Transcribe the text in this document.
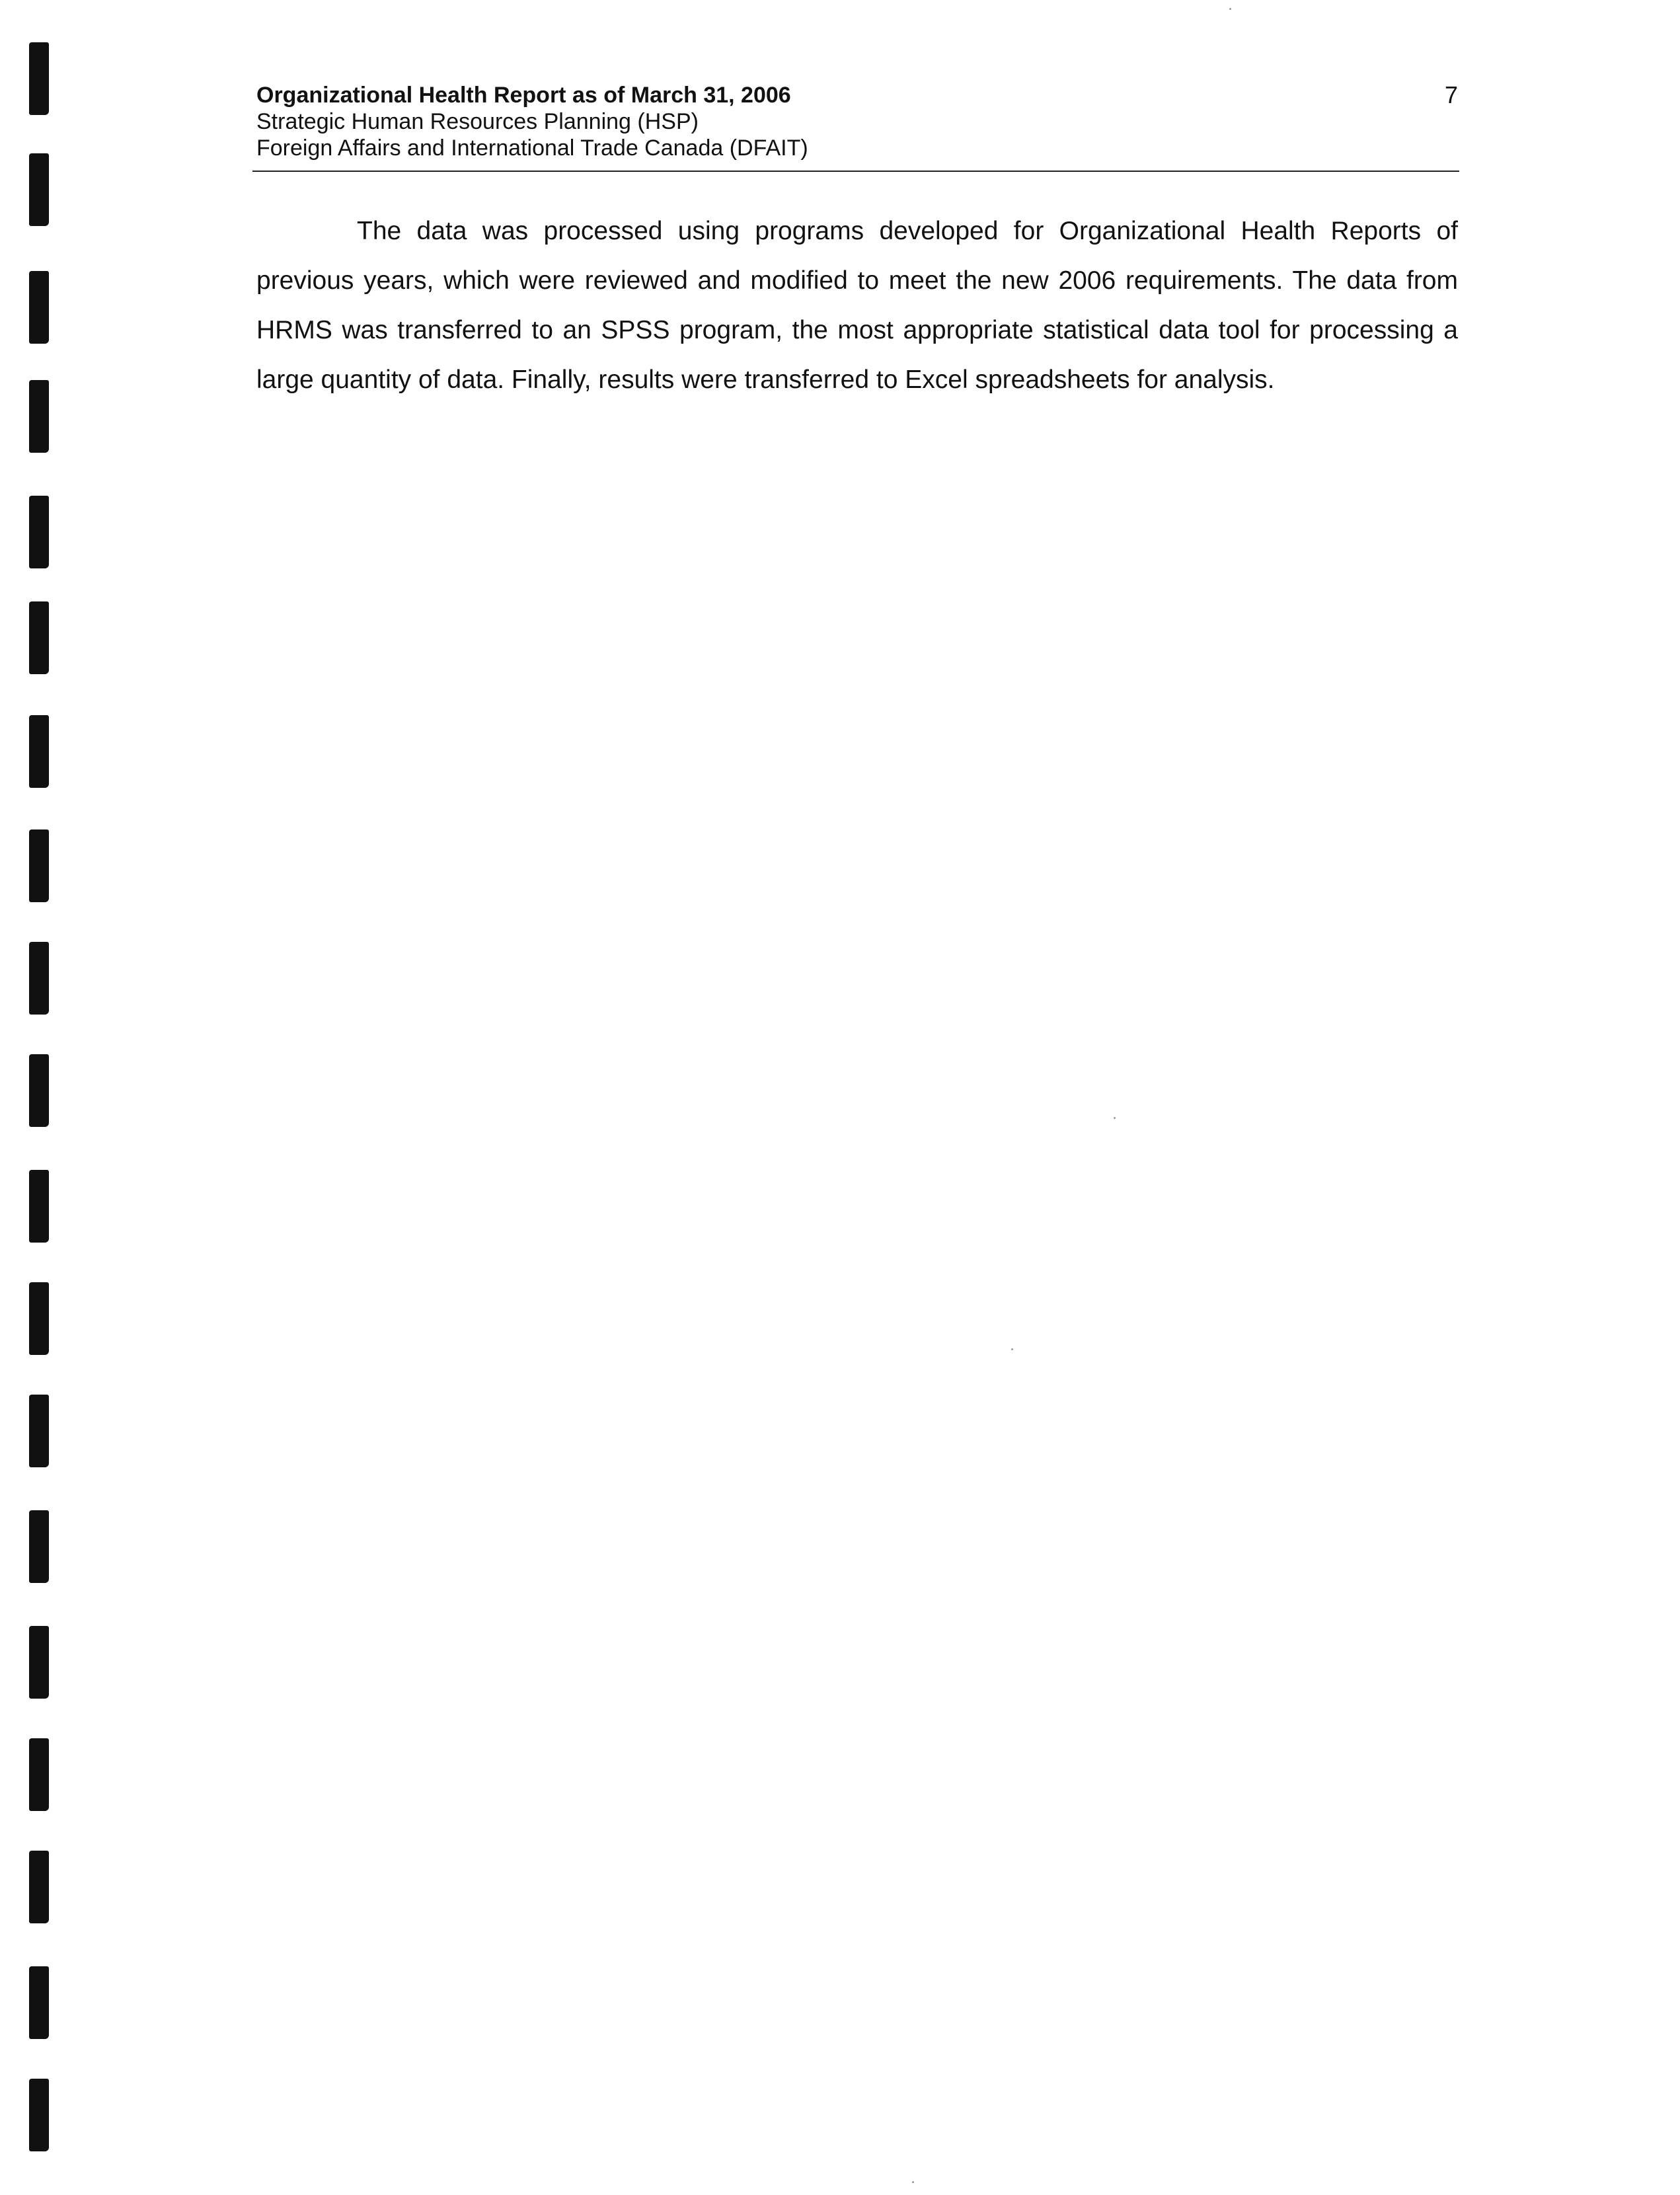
Organizational Health Report as of March 31, 2006
Strategic Human Resources Planning (HSP)
Foreign Affairs and International Trade Canada (DFAIT)
7

The data was processed using programs developed for Organizational Health Reports of previous years, which were reviewed and modified to meet the new 2006 requirements. The data from HRMS was transferred to an SPSS program, the most appropriate statistical data tool for processing a large quantity of data. Finally, results were transferred to Excel spreadsheets for analysis.
